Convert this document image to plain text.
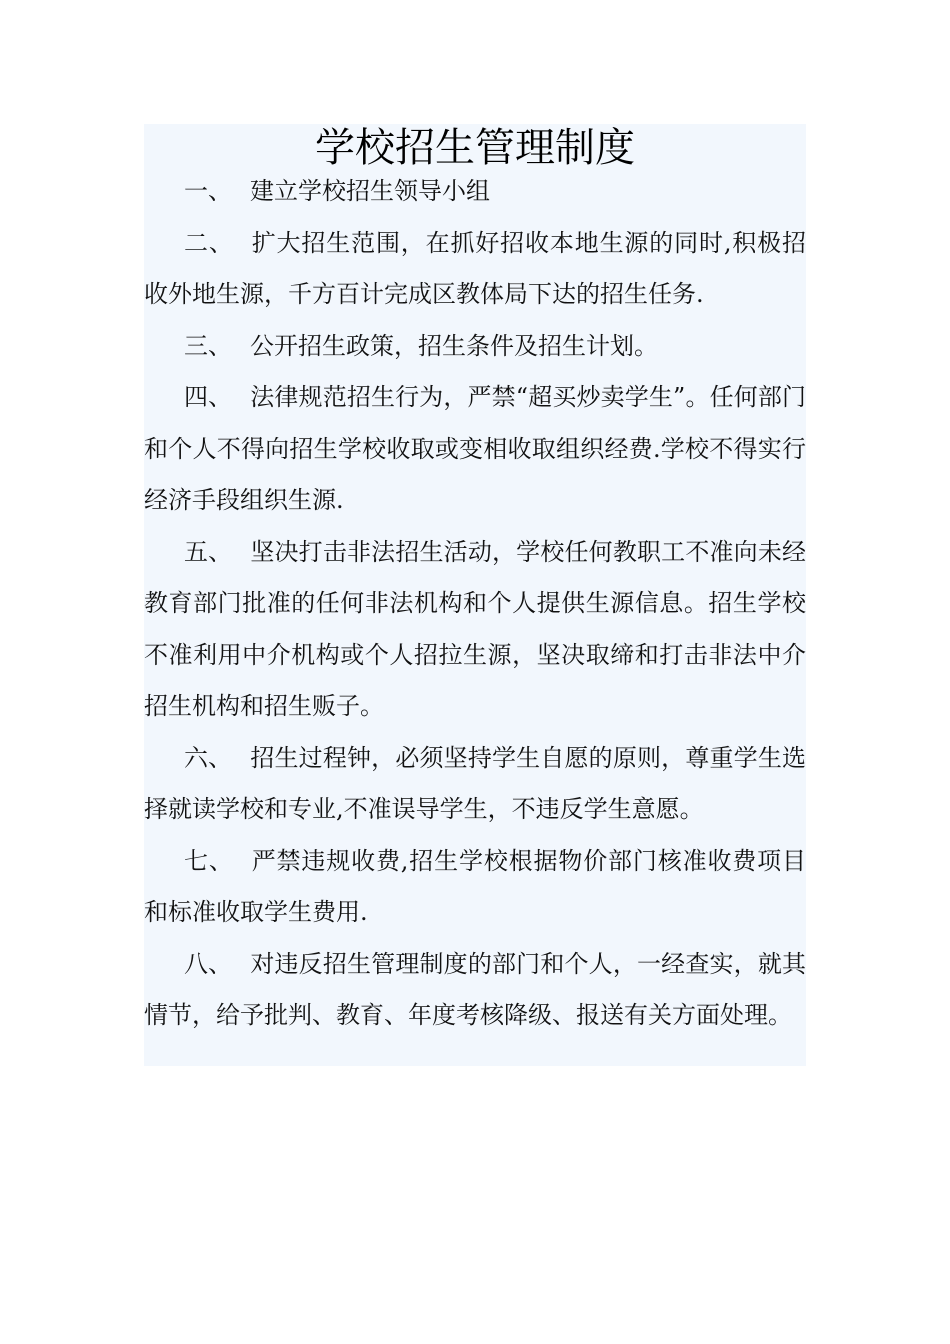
学校招生管理制度

一、 建立学校招生领导小组

二、 扩大招生范围，在抓好招收本地生源的同时,积极招收外地生源，千方百计完成区教体局下达的招生任务.

三、 公开招生政策，招生条件及招生计划。

四、 法律规范招生行为，严禁“超买炒卖学生”。任何部门和个人不得向招生学校收取或变相收取组织经费.学校不得实行经济手段组织生源.

五、 坚决打击非法招生活动，学校任何教职工不准向未经教育部门批准的任何非法机构和个人提供生源信息。招生学校不准利用中介机构或个人招拉生源，坚决取缔和打击非法中介招生机构和招生贩子。

六、 招生过程钟，必须坚持学生自愿的原则，尊重学生选择就读学校和专业,不准误导学生，不违反学生意愿。

七、 严禁违规收费,招生学校根据物价部门核准收费项目和标准收取学生费用.

八、 对违反招生管理制度的部门和个人，一经查实，就其情节，给予批判、教育、年度考核降级、报送有关方面处理。
